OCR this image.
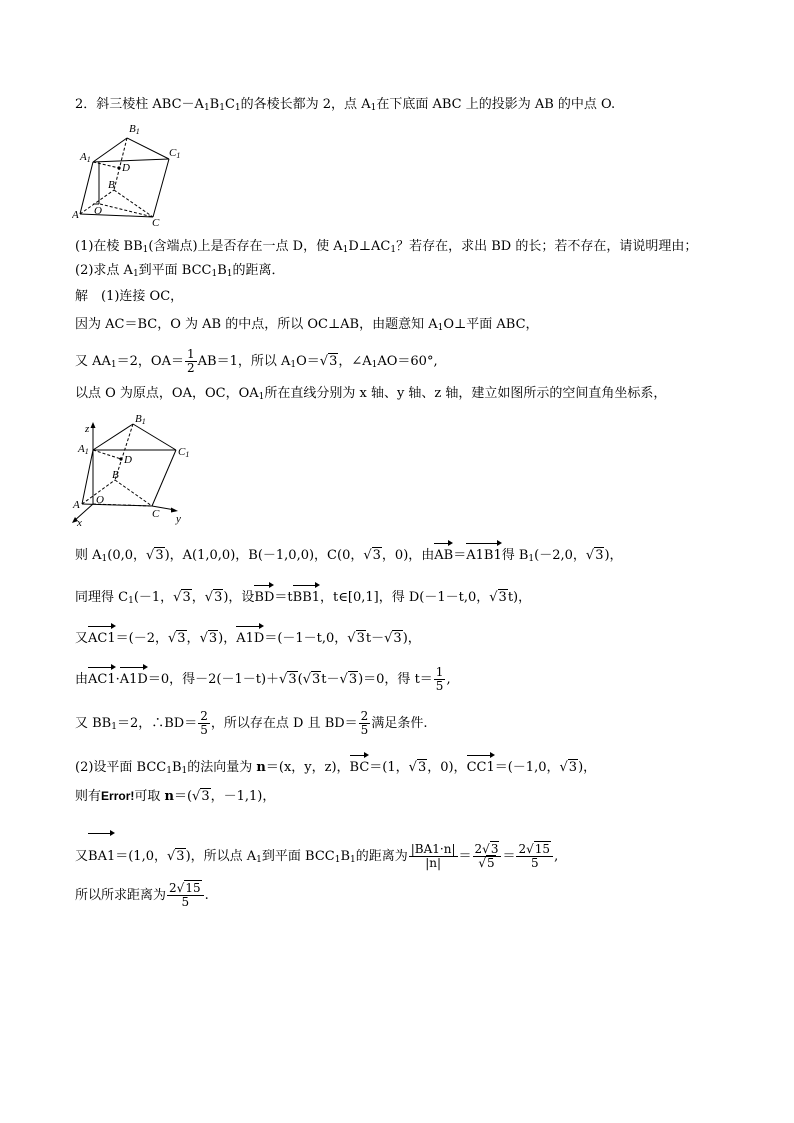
2．斜三棱柱 $ABC-A_1B_1C_1$的各棱长都为 2，点 $A_1$在下底面 ABC 上的投影为 AB 的中点 O.
B1
A1
C1
D
B
A O
C
(1)在棱 $BB_1$(含端点)上是否存在一点 D，使 $A_1D\perp AC_1$？若存在，求出 BD 的长；若不存在，请说明理由；
(2)求点 $A_1$到平面 $BCC_1B_1$的距离．
解　(1)连接 OC，
因为 AC＝BC，O 为 AB 的中点，所以 OC⊥AB，由题意知 $A_1O\perp$平面 ABC，
又 $AA_1=2$，$OA= \frac{1}{2} AB=1$，所以 $A_1O=√3$，$\angle A_1AO=60^\circ$,
以点 O 为原点，OA，OC，$OA_1$所在直线分别为 x 轴、y 轴、z 轴，建立如图所示的空间直角坐标系，
z
B1
A1	C1
D
B
A O
C
x	y
则 $A_1(0,0$，√3)，A(1,0,0)，B(－1,0,0)，C(0，√3，0)，由AB＝A1B1得 $B_1(-2,0$，√3)，
同理得 $C_1(-1$，√3，√3)，设BD＝tBB1，t∈[0,1]，得 D(－1－t,0，√3t)，
又AC1＝(－2，√3，√3)，A1D＝(－1－t,0，√3t－√3)，
由AC1·A1D＝0，得－2(－1－t)＋√3(√3t－√3)＝0，得 $t= \frac{1}{5}$ ,
又 $BB_1=2$，∴BD＝ $\frac{2}{5}$ ，所以存在点 D 且 $BD= \frac{2}{5}$ 满足条件.
(2)设平面 $BCC_1B_1$的法向量为 n＝(x，y，z)，BC＝(1，√3，0)，CC1＝(－1,0，√3)，
则有Error!可取 n＝(√3，－1,1)，
又BA1＝(1,0，√3)，所以点 $A_1$到平面 $BCC_1B_1$的距离为 $\frac{|BA1\cdot n|}{|n|} = \frac{2√3}{√5} = \frac{2√15}{5}$ ,
所以所求距离为 $\frac{2√15}{5}$ .
